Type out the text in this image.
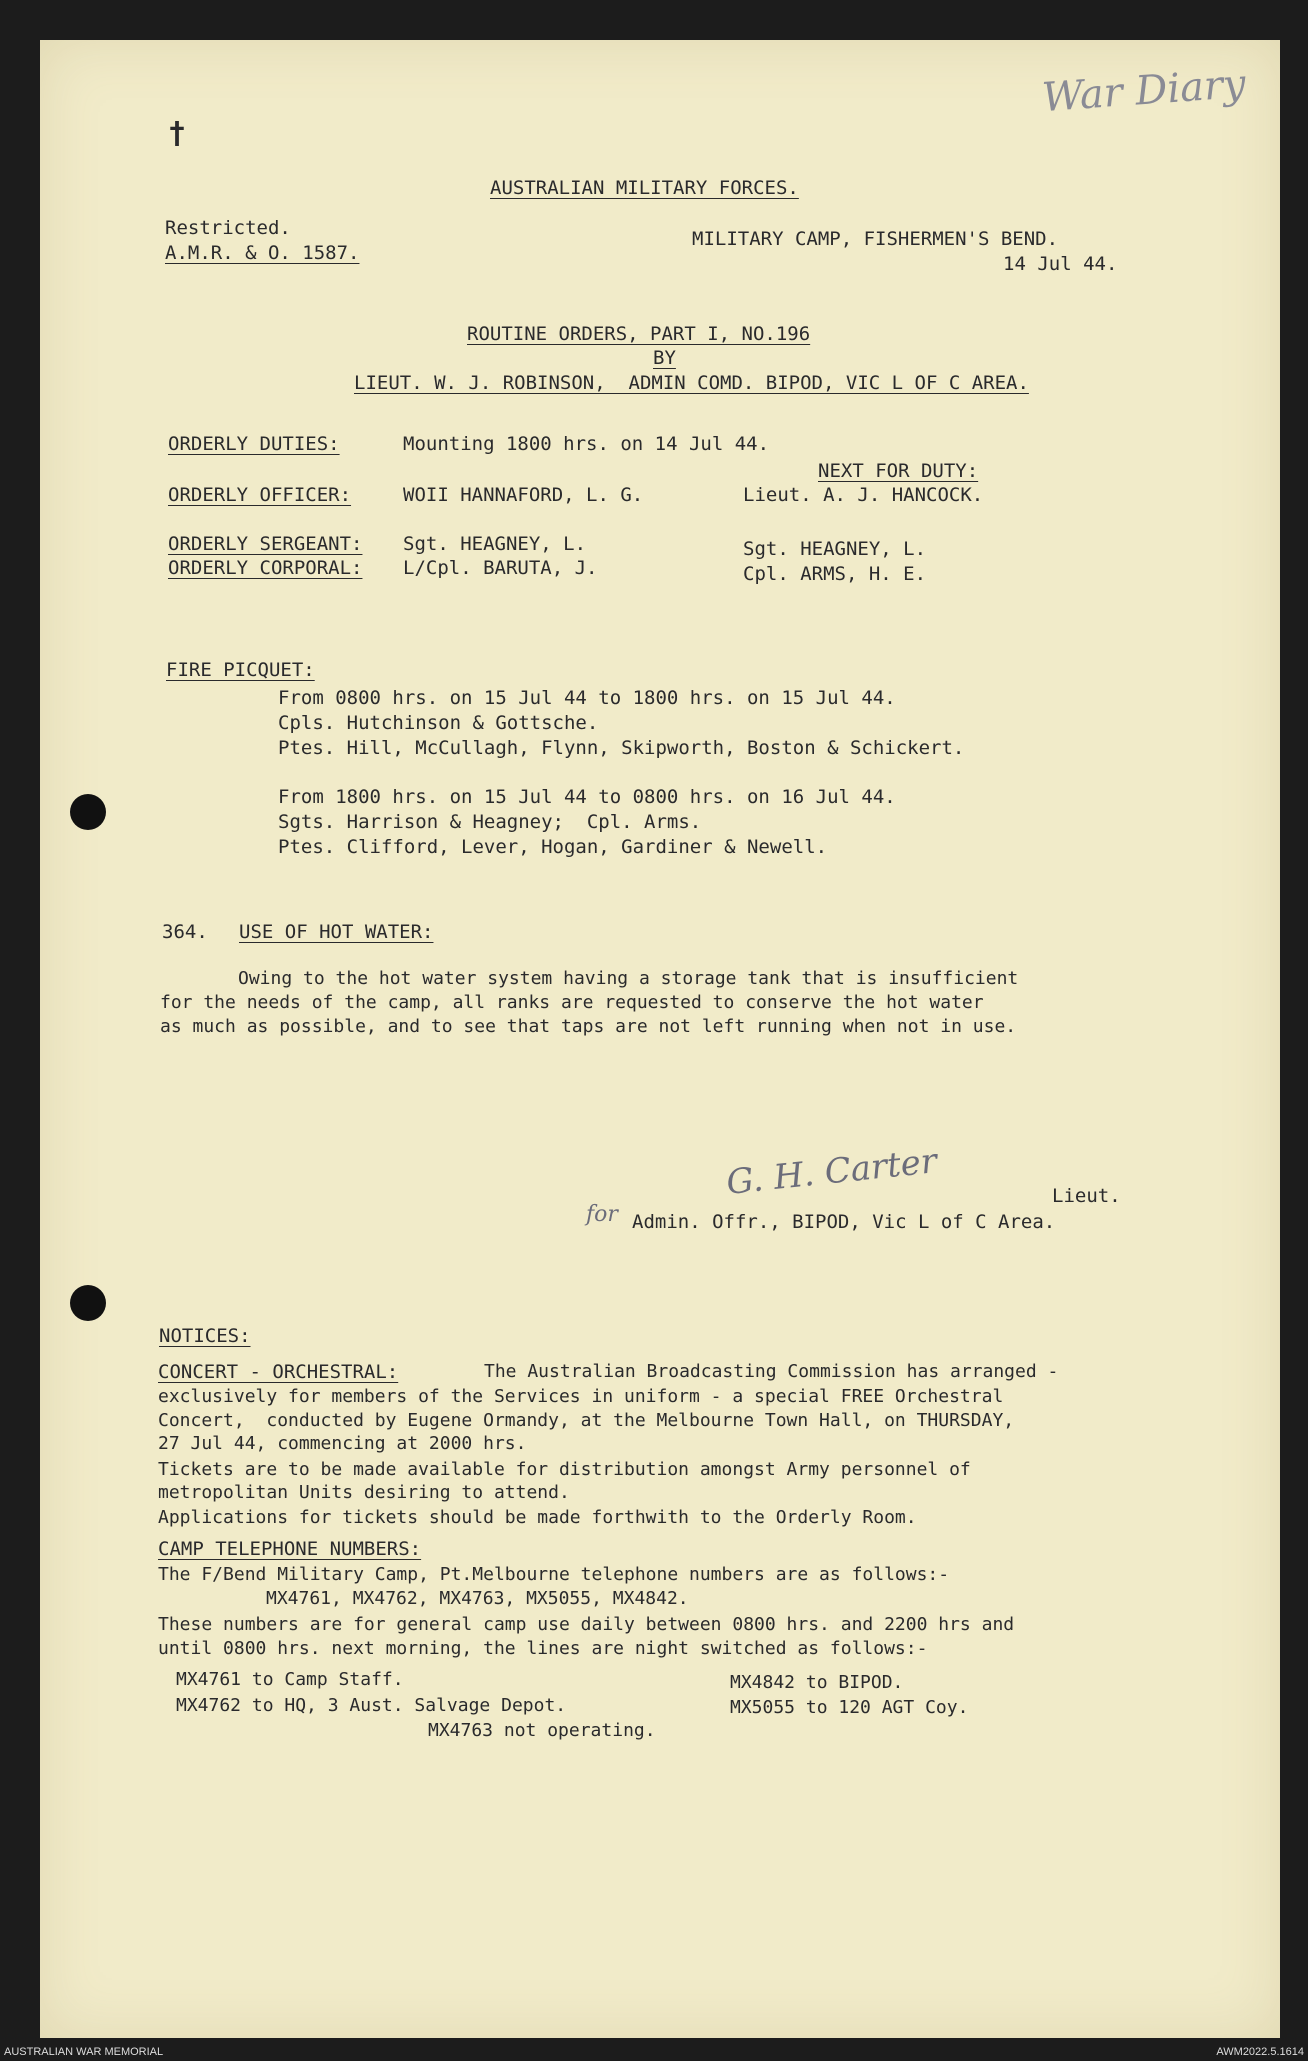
War Diary
†
AUSTRALIAN MILITARY FORCES.
Restricted.
A.M.R. & O. 1587.
MILITARY CAMP, FISHERMEN'S BEND.
14 Jul 44.
ROUTINE ORDERS, PART I, NO.196
BY
LIEUT. W. J. ROBINSON,  ADMIN COMD. BIPOD, VIC L OF C AREA.
ORDERLY DUTIES:	Mounting 1800 hrs. on 14 Jul 44.
NEXT FOR DUTY:
ORDERLY OFFICER:	WOII HANNAFORD, L. G.	Lieut. A. J. HANCOCK.
ORDERLY SERGEANT: Sgt. HEAGNEY, L.	Sgt. HEAGNEY, L.
ORDERLY CORPORAL: L/Cpl. BARUTA, J.	Cpl. ARMS, H. E.
FIRE PICQUET:
From 0800 hrs. on 15 Jul 44 to 1800 hrs. on 15 Jul 44.
Cpls. Hutchinson & Gottsche.
Ptes. Hill, McCullagh, Flynn, Skipworth, Boston & Schickert.
From 1800 hrs. on 15 Jul 44 to 0800 hrs. on 16 Jul 44.
Sgts. Harrison & Heagney;  Cpl. Arms.
Ptes. Clifford, Lever, Hogan, Gardiner & Newell.
364. USE OF HOT WATER:
Owing to the hot water system having a storage tank that is insufficient
for the needs of the camp, all ranks are requested to conserve the hot water
as much as possible, and to see that taps are not left running when not in use.
G. H. Carter	Lieut.
for Admin. Offr., BIPOD, Vic L of C Area.
NOTICES:
CONCERT - ORCHESTRAL:	The Australian Broadcasting Commission has arranged -
exclusively for members of the Services in uniform - a special FREE Orchestral
Concert,  conducted by Eugene Ormandy, at the Melbourne Town Hall, on THURSDAY,
27 Jul 44, commencing at 2000 hrs.
Tickets are to be made available for distribution amongst Army personnel of
metropolitan Units desiring to attend.
Applications for tickets should be made forthwith to the Orderly Room.
CAMP TELEPHONE NUMBERS:
The F/Bend Military Camp, Pt.Melbourne telephone numbers are as follows:-
MX4761, MX4762, MX4763, MX5055, MX4842.
These numbers are for general camp use daily between 0800 hrs. and 2200 hrs and
until 0800 hrs. next morning, the lines are night switched as follows:-
MX4761 to Camp Staff.
MX4762 to HQ, 3 Aust. Salvage Depot.
MX4842 to BIPOD.
MX5055 to 120 AGT Coy.
MX4763 not operating.
AUSTRALIAN WAR MEMORIAL	AWM2022.5.1614
